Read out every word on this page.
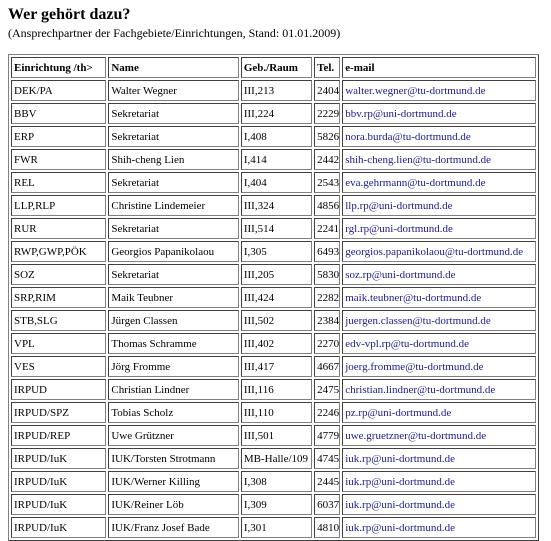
Wer gehört dazu?

(Ansprechpartner der Fachgebiete/Einrichtungen, Stand: 01.01.2009)

Einrichtung /th>	Name	Geb./Raum	Tel.	e-mail
DEK/PA	Walter Wegner	III,213	2404	walter.wegner@tu-dortmund.de
BBV	Sekretariat	III,224	2229	bbv.rp@uni-dortmund.de
ERP	Sekretariat	I,408	5826	nora.burda@tu-dortmund.de
FWR	Shih-cheng Lien	I,414	2442	shih-cheng.lien@tu-dortmund.de
REL	Sekretariat	I,404	2543	eva.gehrmann@tu-dortmund.de
LLP,RLP	Christine Lindemeier	III,324	4856	llp.rp@uni-dortmund.de
RUR	Sekretariat	III,514	2241	rgl.rp@uni-dortmund.de
RWP,GWP,PÖK	Georgios Papanikolaou	I,305	6493	georgios.papanikolaou@tu-dortmund.de
SOZ	Sekretariat	III,205	5830	soz.rp@uni-dortmund.de
SRP,RIM	Maik Teubner	III,424	2282	maik.teubner@tu-dortmund.de
STB,SLG	Jürgen Classen	III,502	2384	juergen.classen@tu-dortmund.de
VPL	Thomas Schramme	III,402	2270	edv-vpl.rp@tu-dortmund.de
VES	Jörg Fromme	III,417	4667	joerg.fromme@tu-dortmund.de
IRPUD	Christian Lindner	III,116	2475	christian.lindner@tu-dortmund.de
IRPUD/SPZ	Tobias Scholz	III,110	2246	pz.rp@uni-dortmund.de
IRPUD/REP	Uwe Grützner	III,501	4779	uwe.gruetzner@tu-dortmund.de
IRPUD/IuK	IUK/Torsten Strotmann	MB-Halle/109	4745	iuk.rp@uni-dortmund.de
IRPUD/IuK	IUK/Werner Killing	I,308	2445	iuk.rp@uni-dortmund.de
IRPUD/IuK	IUK/Reiner Löb	I,309	6037	iuk.rp@uni-dortmund.de
IRPUD/IuK	IUK/Franz Josef Bade	I,301	4810	iuk.rp@uni-dortmund.de
